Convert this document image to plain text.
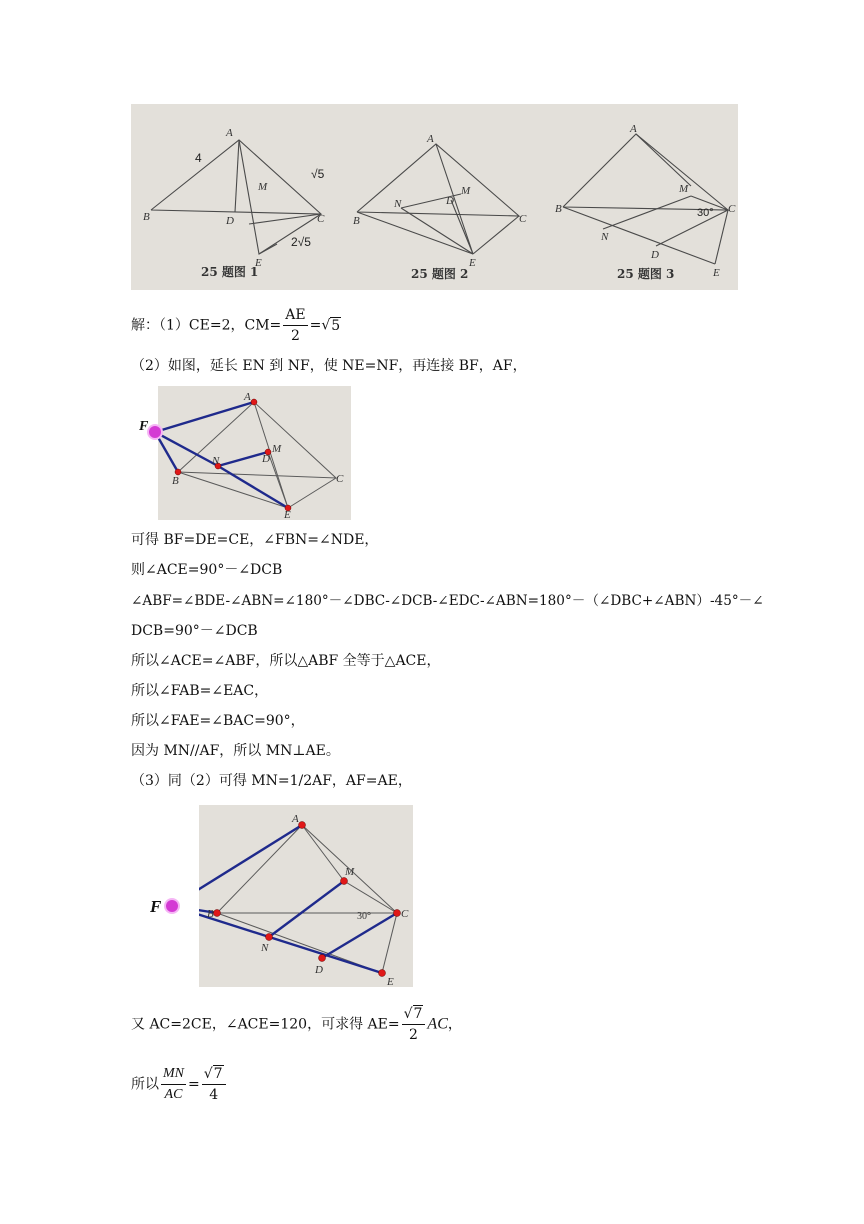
A
B	C
D
E
M
A
B	C
D
E
M
N
A
B	C
D
E
M
N
√5
4
2√5
30°
25 题图 1	25 题图 2	25 题图 3
解：（1）CE=2，$CM= \frac{AE}{2} =√5$
（2）如图，延长 EN 到 NF，使 NE=NF，再连接 BF，AF，
A
B	C
D
E
M
N
F
可得 BF=DE=CE，∠FBN=∠NDE，
则∠ACE=90°－∠DCB
∠ABF=∠BDE-∠ABN=∠180°－∠DBC-∠DCB-∠EDC-∠ABN=180°－（∠DBC+∠ABN）-45°－∠
DCB=90°－∠DCB
所以∠ACE=∠ABF，所以△ABF 全等于△ACE，
所以∠FAB=∠EAC，
所以∠FAE=∠BAC=90°，
因为 MN//AF，所以 MN⊥AE。
（3）同（2）可得 MN=1/2AF，AF=AE，
A
B	C
D
E
M
N
30°
F
又 AC=2CE，∠ACE=120，可求得 $AE= \frac{√7}{2}$ AC，
所以 $\frac{MN}{AC} = \frac{√7}{4}$
